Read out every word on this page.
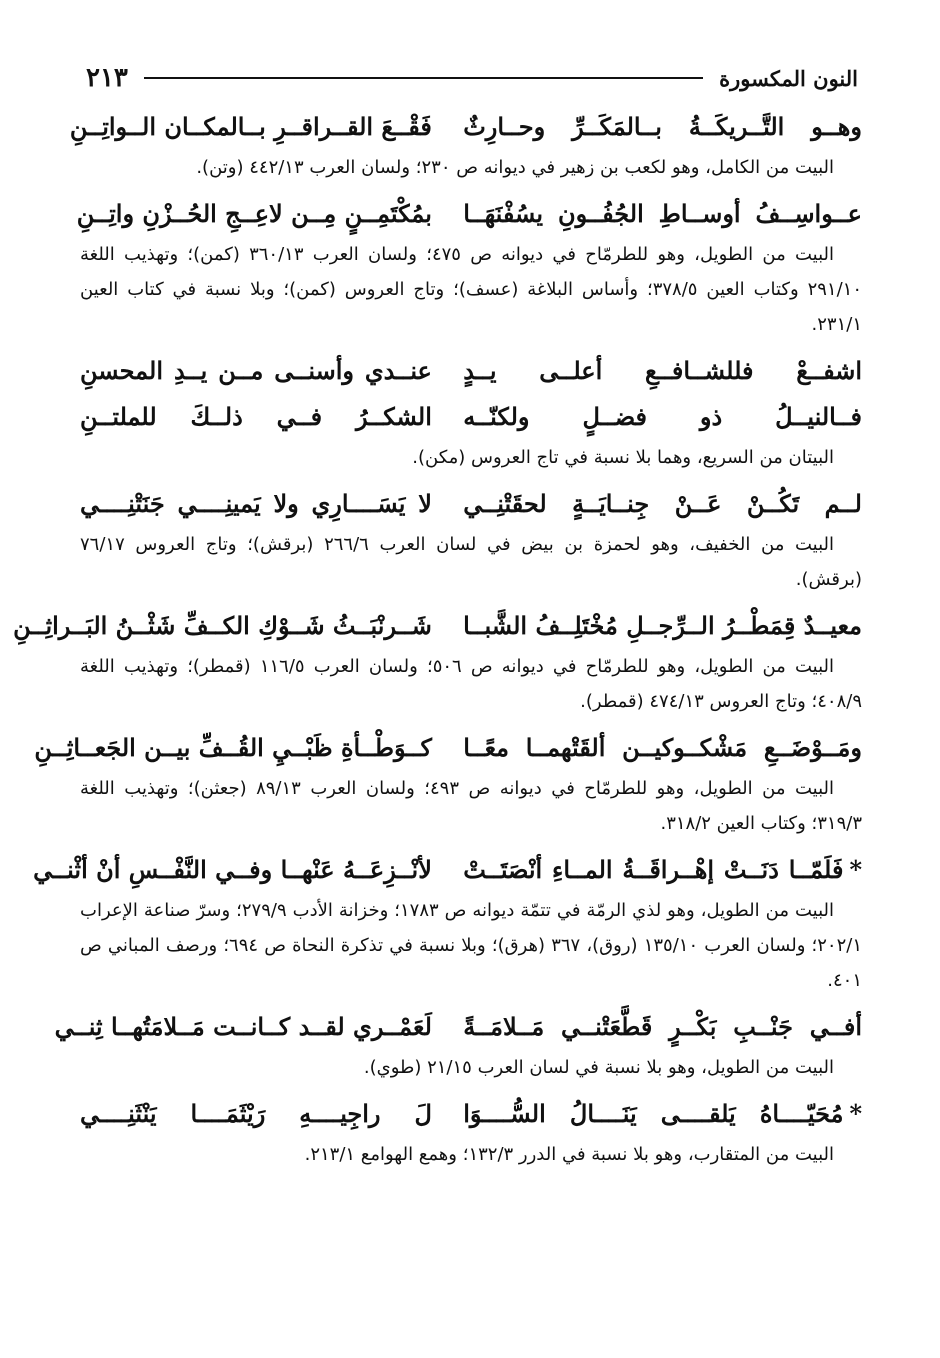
النون المكسورة
٢١٣
وهــو التَّــريكَــةُ بــالمَكَــرِّ وحــارِثٌ
فَقْــعَ القــراقــرِ بــالمكــان الــواتِــنِ

البيت من الكامل، وهو لكعب بن زهير في ديوانه ص ٢٣٠؛ ولسان العرب ٤٤٢/١٣ (وتن).

عــواسِــفُ أوســاطِ الجُفُــونِ يسُفْنَهَــا
بمُكْتَمِــنٍ مِــن لاعِــجِ الحُــزْنِ واتِــنِ

البيت من الطويل، وهو للطرمّاح في ديوانه ص ٤٧٥؛ ولسان العرب ٣٦٠/١٣ (كمن)؛ وتهذيب اللغة ٢٩١/١٠ وكتاب العين ٣٧٨/٥؛ وأساس البلاغة (عسف)؛ وتاج العروس (كمن)؛ وبلا نسبة في كتاب العين ٢٣١/١.

اشفــعْ فللشــافــعِ أعلــى يــدٍ
عنــدي وأسنــى مــن يــدِ المحسنِ
فــالنيــلُ ذو فضــلٍ ولكنّــه
الشكــرُ فــي ذلــكَ للملتــنِ

البيتان من السريع، وهما بلا نسبة في تاج العروس (مكن).

لــم تَكُــنْ عَــنْ جِنــايَــةٍ لحقَتْنِــي
لا يَسَــــارِي ولا يَمينِــــي جَنَتْنِــــي

البيت من الخفيف، وهو لحمزة بن بيض في لسان العرب ٢٦٦/٦ (برقش)؛ وتاج العروس ٧٦/١٧ (برقش).

معيــدٌ قِمَطْــرُ الــرِّجــلِ مُخْتَلِــفُ الشَّبــا
شَــرنْبَــثُ شَــوْكِ الكــفِّ شَثْــنُ البَــراثِــنِ

البيت من الطويل، وهو للطرمّاح في ديوانه ص ٥٠٦؛ ولسان العرب ١١٦/٥ (قمطر)؛ وتهذيب اللغة ٤٠٨/٩؛ وتاج العروس ٤٧٤/١٣ (قمطر).

ومَــوْضَــعِ مَشْكــوكيــن ألقَتْهمــا معًــا
كــوَطْــأةِ ظَبْــيِ القُــفِّ بيــن الجَعــاثِــنِ

البيت من الطويل، وهو للطرمّاح في ديوانه ص ٤٩٣؛ ولسان العرب ٨٩/١٣ (جعثن)؛ وتهذيب اللغة ٣١٩/٣؛ وكتاب العين ٣١٨/٢.

*فَلَمّــا دَنَــتْ إهْــراقَــةُ المــاءِ أنْصَتَــتْ
لأنْــزِعَــهُ عَنْهــا وفــي النَّفْــسِ أنْ أثْنــي

البيت من الطويل، وهو لذي الرمّة في تتمّة ديوانه ص ١٧٨٣؛ وخزانة الأدب ٢٧٩/٩؛ وسرّ صناعة الإعراب ٢٠٢/١؛ ولسان العرب ١٣٥/١٠ (روق)، ٣٦٧ (هرق)؛ وبلا نسبة في تذكرة النحاة ص ٦٩٤؛ ورصف المباني ص ٤٠١.

أفــي جَنْــبِ بَكْــرٍ قَطَّعَتْنــي مَــلامَــةً
لَعَمْــري لقــد كــانــت مَــلامَتُهــا ثِنــي

البيت من الطويل، وهو بلا نسبة في لسان العرب ٢١/١٥ (طوي).

*مُحَيّــــاهُ يَلقــــى يَنَــــالُ السُّــــوَا
لَ راجِيــــهِ رَيْثَمَــــا يَنْثَنِــــي

البيت من المتقارب، وهو بلا نسبة في الدرر ١٣٢/٣؛ وهمع الهوامع ٢١٣/١.
